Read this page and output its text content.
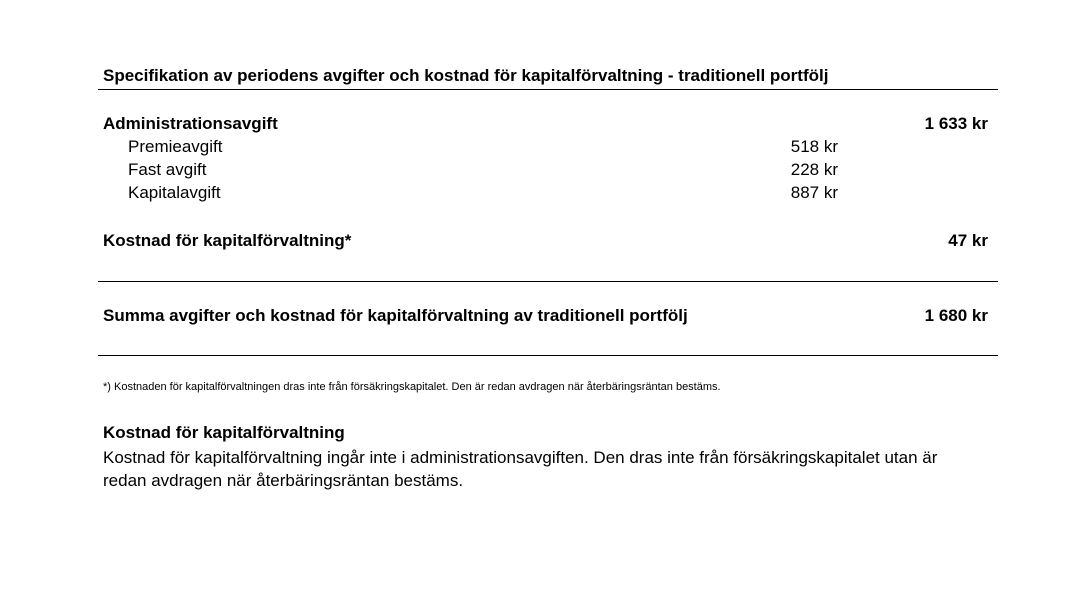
Specifikation av periodens avgifter och kostnad för kapitalförvaltning - traditionell portfölj
Administrationsavgift	1 633 kr
Premieavgift	518 kr
Fast avgift	228 kr
Kapitalavgift	887 kr
Kostnad för kapitalförvaltning*	47 kr
Summa avgifter och kostnad för kapitalförvaltning av traditionell portfölj	1 680 kr
*) Kostnaden för kapitalförvaltningen dras inte från försäkringskapitalet. Den är redan avdragen när återbäringsräntan bestäms.
Kostnad för kapitalförvaltning
Kostnad för kapitalförvaltning ingår inte i administrationsavgiften. Den dras inte från försäkringskapitalet utan är redan avdragen när återbäringsräntan bestäms.
